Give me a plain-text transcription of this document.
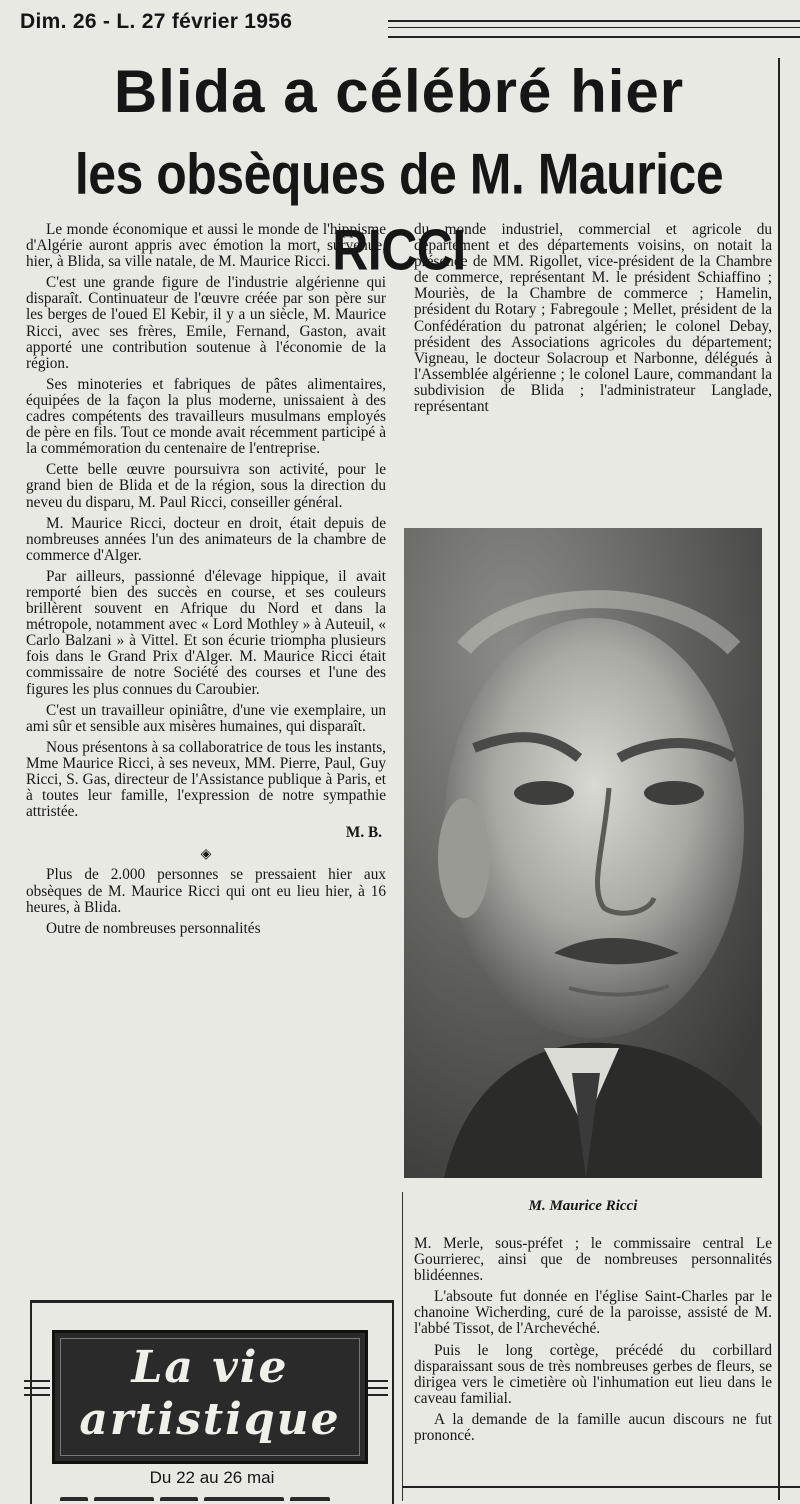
Dim. 26 - L. 27 février 1956
Blida a célébré hier
les obsèques de M. Maurice RICCI

Le monde économique et aussi le monde de l'hippisme d'Algérie auront appris avec émotion la mort, survenue, hier, à Blida, sa ville natale, de M. Maurice Ricci.

C'est une grande figure de l'industrie algérienne qui disparaît. Continuateur de l'œuvre créée par son père sur les berges de l'oued El Kebir, il y a un siècle, M. Maurice Ricci, avec ses frères, Emile, Fernand, Gaston, avait apporté une contribution soutenue à l'économie de la région.

Ses minoteries et fabriques de pâtes alimentaires, équipées de la façon la plus moderne, unissaient à des cadres compétents des travailleurs musulmans employés de père en fils. Tout ce monde avait récemment participé à la commémoration du centenaire de l'entreprise.

Cette belle œuvre poursuivra son activité, pour le grand bien de Blida et de la région, sous la direction du neveu du disparu, M. Paul Ricci, conseiller général.

M. Maurice Ricci, docteur en droit, était depuis de nombreuses années l'un des animateurs de la chambre de commerce d'Alger.

Par ailleurs, passionné d'élevage hippique, il avait remporté bien des succès en course, et ses couleurs brillèrent souvent en Afrique du Nord et dans la métropole, notamment avec « Lord Mothley » à Auteuil, « Carlo Balzani » à Vittel. Et son écurie triompha plusieurs fois dans le Grand Prix d'Alger. M. Maurice Ricci était commissaire de notre Société des courses et l'une des figures les plus connues du Caroubier.

C'est un travailleur opiniâtre, d'une vie exemplaire, un ami sûr et sensible aux misères humaines, qui disparaît.

Nous présentons à sa collaboratrice de tous les instants, Mme Maurice Ricci, à ses neveux, MM. Pierre, Paul, Guy Ricci, S. Gas, directeur de l'Assistance publique à Paris, et à toutes leur famille, l'expression de notre sympathie attristée.

M. B.
◈

Plus de 2.000 personnes se pressaient hier aux obsèques de M. Maurice Ricci qui ont eu lieu hier, à 16 heures, à Blida.

Outre de nombreuses personnalités

du monde industriel, commercial et agricole du département et des départements voisins, on notait la présence de MM. Rigollet, vice-président de la Chambre de commerce, représentant M. le président Schiaffino ; Mouriès, de la Chambre de commerce ; Hamelin, président du Rotary ; Fabregoule ; Mellet, président de la Confédération du patronat algérien; le colonel Debay, président des Associations agricoles du département; Vigneau, le docteur Solacroup et Narbonne, délégués à l'Assemblée algérienne ; le colonel Laure, commandant la subdivision de Blida ; l'administrateur Langlade, représentant

M. Maurice Ricci

M. Merle, sous-préfet ; le commissaire central Le Gourrierec, ainsi que de nombreuses personnalités blidéennes.

L'absoute fut donnée en l'église Saint-Charles par le chanoine Wicherding, curé de la paroisse, assisté de M. l'abbé Tissot, de l'Archevéché.

Puis le long cortège, précédé du corbillard disparaissant sous de très nombreuses gerbes de fleurs, se dirigea vers le cimetière où l'inhumation eut lieu dans le caveau familial.

A la demande de la famille aucun discours ne fut prononcé.

La vie
artistique
Du 22 au 26 mai
